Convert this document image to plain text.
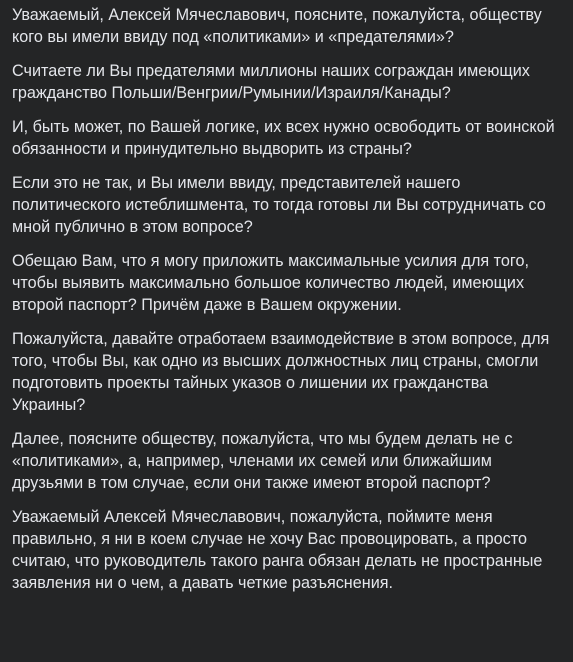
Уважаемый, Алексей Мячеславович, поясните, пожалуйста, обществу кого вы имели ввиду под «политиками» и «предателями»?

Считаете ли Вы предателями миллионы наших сограждан имеющих гражданство Польши/Венгрии/Румынии/Израиля/Канады?

И, быть может, по Вашей логике, их всех нужно освободить от воинской обязанности и принудительно выдворить из страны?

Если это не так, и Вы имели ввиду, представителей нашего политического истеблишмента, то тогда готовы ли Вы сотрудничать со мной публично в этом вопросе?

Обещаю Вам, что я могу приложить максимальные усилия для того, чтобы выявить максимально большое количество людей, имеющих второй паспорт? Причём даже в Вашем окружении.

Пожалуйста, давайте отработаем взаимодействие в этом вопросе, для того, чтобы Вы, как одно из высших должностных лиц страны, смогли подготовить проекты тайных указов о лишении их гражданства Украины?

Далее, поясните обществу, пожалуйста, что мы будем делать не с «политиками», а, например, членами их семей или ближайшим друзьями в том случае, если они также имеют второй паспорт?

Уважаемый Алексей Мячеславович, пожалуйста, поймите меня правильно, я ни в коем случае не хочу Вас провоцировать, а просто считаю, что руководитель такого ранга обязан делать не пространные заявления ни о чем, а давать четкие разъяснения.
